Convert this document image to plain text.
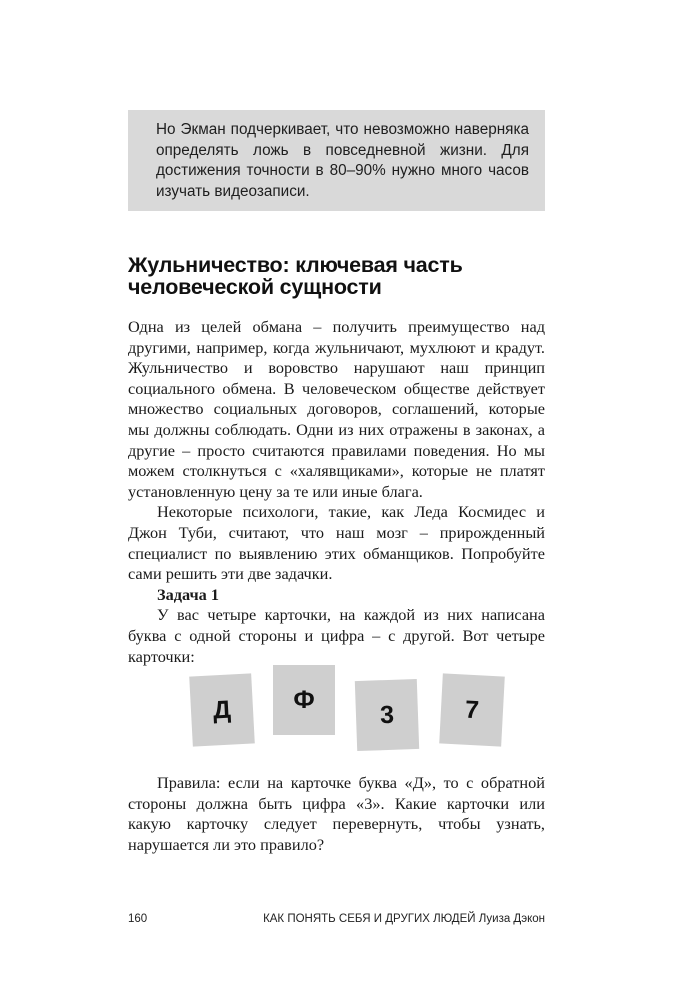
Но Экман подчеркивает, что невозможно наверняка определять ложь в повседневной жизни. Для достижения точности в 80–90% нужно много часов изучать видеозаписи.
Жульничество: ключевая часть
человеческой сущности

Одна из целей обмана – получить преимущество над другими, например, когда жульничают, мухлюют и крадут. Жульничество и воровство нарушают наш принцип социального обмена. В человеческом обществе действует множество социальных договоров, соглашений, которые мы должны соблюдать. Одни из них отражены в законах, а другие – просто считаются правилами поведения. Но мы можем столкнуться с «халявщиками», которые не платят установленную цену за те или иные блага.

Некоторые психологи, такие, как Леда Космидес и Джон Туби, считают, что наш мозг – прирожденный специалист по выявлению этих обманщиков. Попробуйте сами решить эти две задачки.

Задача 1

У вас четыре карточки, на каждой из них написана буква с одной стороны и цифра – с другой. Вот четыре карточки:

Д Ф
3	7

Правила: если на карточке буква «Д», то с обратной стороны должна быть цифра «3». Какие карточки или какую карточку следует перевернуть, чтобы узнать, нарушается ли это правило?

160	КАК ПОНЯТЬ СЕБЯ И ДРУГИХ ЛЮДЕЙ Луиза Дэкон
